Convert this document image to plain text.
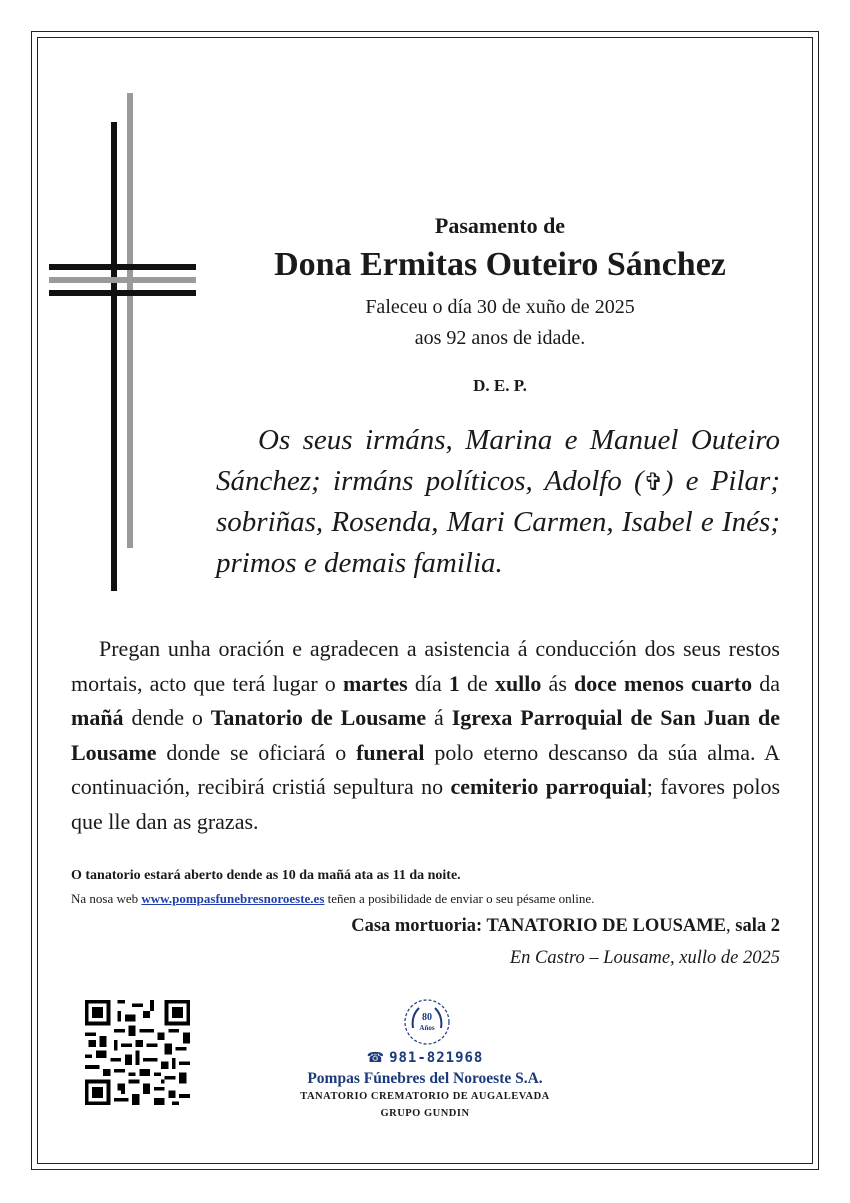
Pasamento de
Dona Ermitas Outeiro Sánchez
Faleceu o día 30 de xuño de 2025
aos 92 anos de idade.
D. E. P.

Os seus irmáns, Marina e Manuel Outeiro Sánchez; irmáns políticos, Adolfo (✞) e Pilar; sobriñas, Rosenda, Mari Carmen, Isabel e Inés; primos e demais familia.

Pregan unha oración e agradecen a asistencia á conducción dos seus restos mortais, acto que terá lugar o martes día 1 de xullo ás doce menos cuarto da mañá dende o Tanatorio de Lousame á Igrexa Parroquial de San Juan de Lousame donde se oficiará o funeral polo eterno descanso da súa alma. A continuación, recibirá cristiá sepultura no cemiterio parroquial; favores polos que lle dan as grazas.

O tanatorio estará aberto dende as 10 da mañá ata as 11 da noite.
Na nosa web www.pompasfunebresnoroeste.es teñen a posibilidade de enviar o seu pésame online.
Casa mortuoria: TANATORIO DE LOUSAME, sala 2
En Castro – Lousame, xullo de 2025
80
Años
☎ 981-821968
Pompas Fúnebres del Noroeste S.A.
TANATORIO CREMATORIO DE AUGALEVADA
GRUPO GUNDIN
